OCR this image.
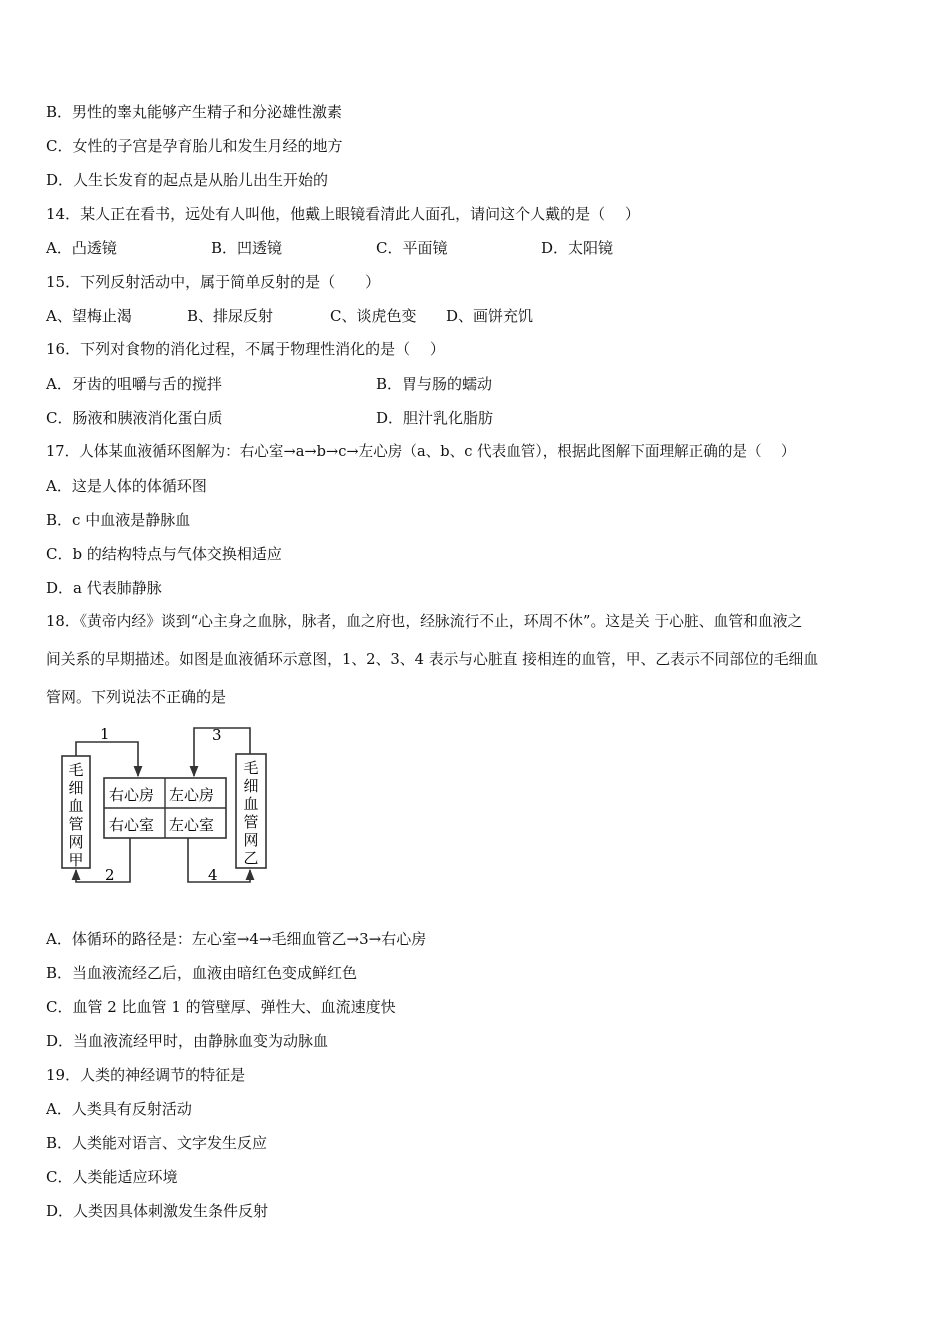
B．男性的睾丸能够产生精子和分泌雄性激素
C．女性的子宫是孕育胎儿和发生月经的地方
D．人生长发育的起点是从胎儿出生开始的
14．某人正在看书，远处有人叫他，他戴上眼镜看清此人面孔，请问这个人戴的是（　 ）
A．凸透镜	B．凹透镜	C．平面镜	D．太阳镜
15．下列反射活动中，属于简单反射的是（　　）
A、望梅止渴	B、排尿反射	C、谈虎色变 D、画饼充饥
16．下列对食物的消化过程，不属于物理性消化的是（　 ）
A．牙齿的咀嚼与舌的搅拌	B．胃与肠的蠕动
C．肠液和胰液消化蛋白质	D．胆汁乳化脂肪
17．人体某血液循环图解为：右心室→a→b→c→左心房（a、b、c 代表血管），根据此图解下面理解正确的是（　 ）
A．这是人体的体循环图
B．c 中血液是静脉血
C．b 的结构特点与气体交换相适应
D．a 代表肺静脉
18．《黄帝内经》谈到“心主身之血脉，脉者，血之府也，经脉流行不止，环周不休”。这是关 于心脏、血管和血液之
间关系的早期描述。如图是血液循环示意图，1、2、3、4 表示与心脏直 接相连的血管，甲、乙表示不同部位的毛细血
管网。下列说法不正确的是
1	3
2	4
右心房 左心房
右心室 左心室
毛
细
血
管
网
甲
毛
细
血
管
网
乙
A．体循环的路径是：左心室→4→毛细血管乙→3→右心房
B．当血液流经乙后，血液由暗红色变成鲜红色
C．血管 2 比血管 1 的管壁厚、弹性大、血流速度快
D．当血液流经甲时，由静脉血变为动脉血
19．人类的神经调节的特征是
A．人类具有反射活动
B．人类能对语言、文字发生反应
C．人类能适应环境
D．人类因具体刺激发生条件反射
